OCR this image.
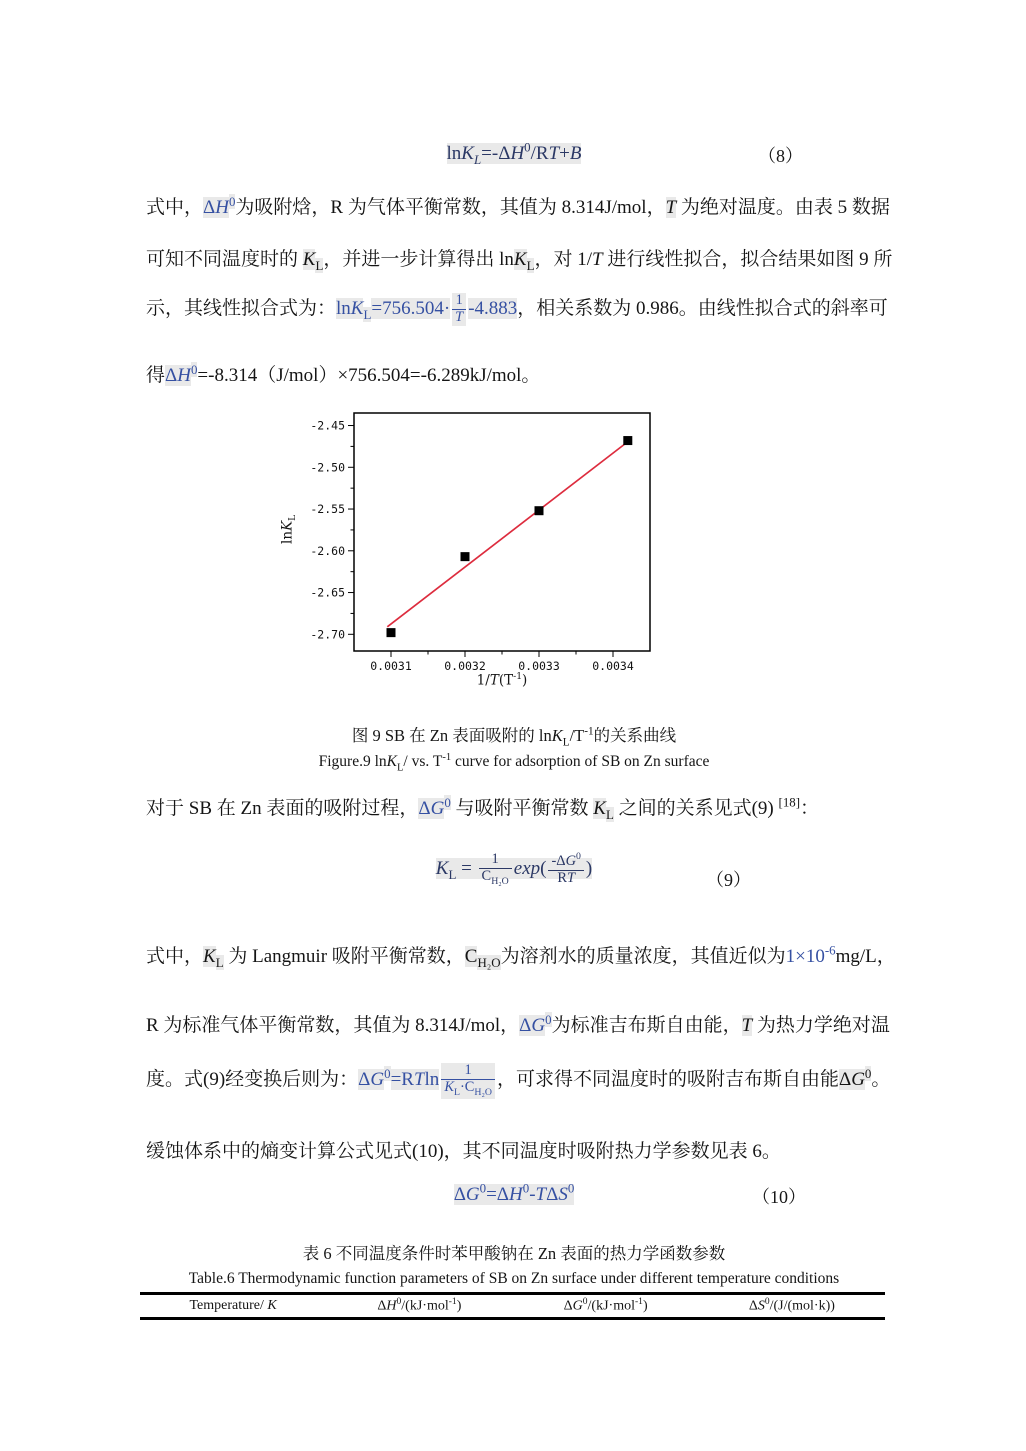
$\ln K_L=-\Delta H^0/RT+B$	（8）
式中，$\Delta H^0$为吸附焓，R 为气体平衡常数，其值为 8.314J/mol，T 为绝对温度。由表 5 数据
可知不同温度时的 $K_L$，并进一步计算得出 lnK$_L$，对 1/T 进行线性拟合，拟合结果如图 9 所
示，其线性拟合式为：$\ln K_L=756.504\cdot \frac{1}{T} -4.883$，相关系数为 0.986。由线性拟合式的斜率可
得$\Delta H^0=-8.314(J/mol)\times 756.504=-6.289kJ$/mol。
0.0031	0.0032	0.0033	0.0034
-2.45
-2.50
-2.55
-2.60
-2.65
-2.70
$1/T(T^{-1})$
lnK$_L$
图 9 SB 在 Zn 表面吸附的 $\ln K_L/T^{-1}$的关系曲线
Figure.9 lnK$_L$/ vs. $T^{-1}$ curve for adsorption of SB on Zn surface
对于 SB 在 Zn 表面的吸附过程，$\Delta G^0$ 与吸附平衡常数 $K_L$ 之间的关系见式(9) [18]：
$K_L = \frac{1}{C_{H_2O}} \exp( \frac{-\Delta G^0}{RT}$ )
（9）
式中，$K_L$ 为 Langmuir 吸附平衡常数，$C_{H_2O}$为溶剂水的质量浓度，其值近似为$1\times 10^{-6}mg/L$，
R 为标准气体平衡常数，其值为 8.314J/mol，$\Delta G^0$为标准吉布斯自由能，T 为热力学绝对温
度。式(9)经变换后则为：$\Delta G^0=RTln \frac{1}{K_L\cdot C_{H_2O}}$ ，可求得不同温度时的吸附吉布斯自由能$\Delta G^0$。
缓蚀体系中的熵变计算公式见式(10)，其不同温度时吸附热力学参数见表 6。
$\Delta G^0=\Delta H^0-T\Delta S^0$	（10）
表 6 不同温度条件时苯甲酸钠在 Zn 表面的热力学函数参数
Table.6 Thermodynamic function parameters of SB on Zn surface under different temperature conditions
Temperature/ K	$\Delta H^0/(kJ\cdot mol^{-1})$	$\Delta G^0/(kJ\cdot mol^{-1})$	$\Delta S^0/(J/(mol\cdot k))$
